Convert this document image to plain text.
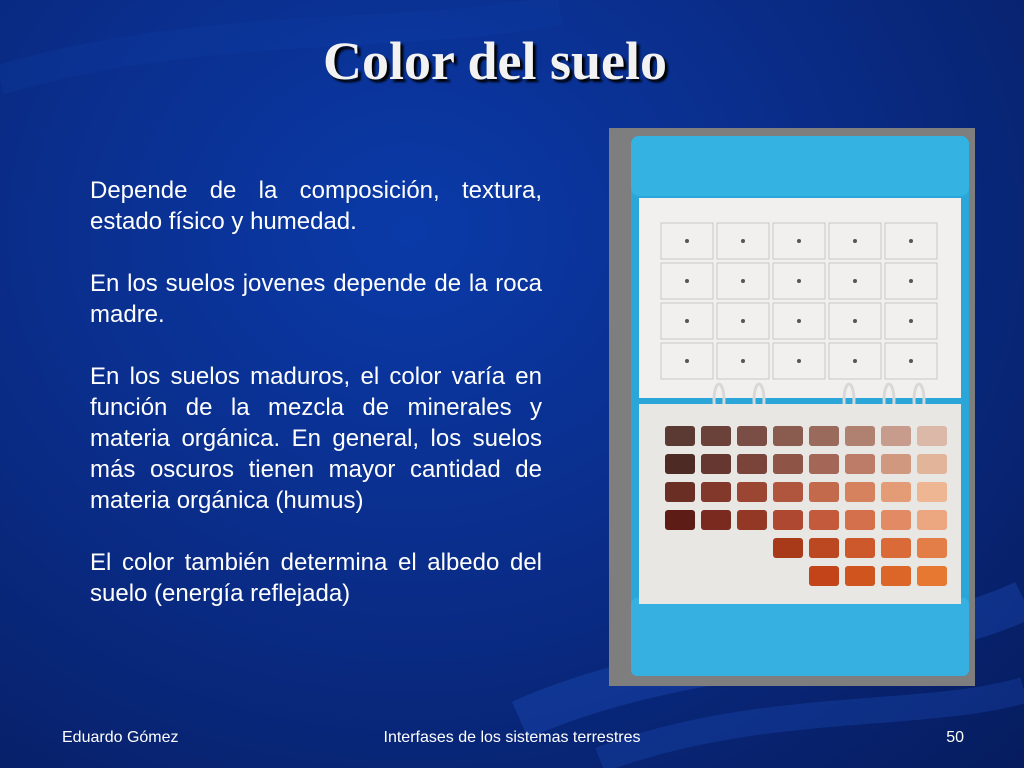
Color del suelo

Depende de la composición, textura, estado físico y humedad.

En los suelos jovenes depende de la roca madre.

En los suelos maduros, el color varía en función de la mezcla de minerales y materia orgánica. En general, los suelos más oscuros tienen mayor cantidad de materia orgánica (humus)

El color también determina el albedo del suelo (energía reflejada)

Eduardo Gómez	Interfases de los sistemas terrestres	50
